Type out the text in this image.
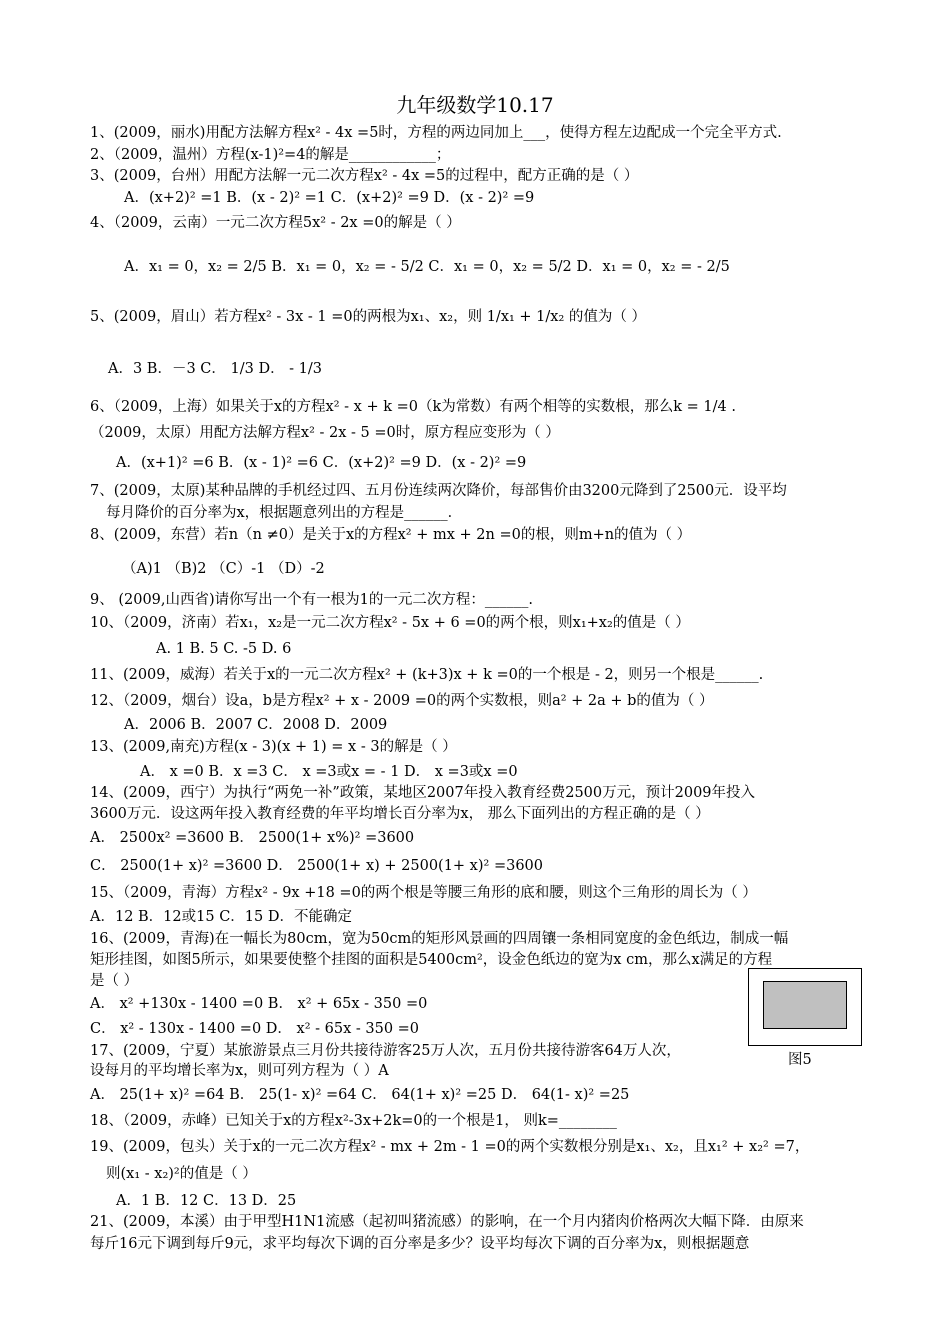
九年级数学10.17
1、(2009，丽水)用配方法解方程x² - 4x =5时，方程的两边同加上___，使得方程左边配成一个完全平方式.
2、（2009，温州）方程(x-1)²=4的解是____________；
3、(2009，台州）用配方法解一元二次方程x² - 4x =5的过程中，配方正确的是（ ）
A．(x+2)² =1 B．(x - 2)² =1 C．(x+2)² =9 D．(x - 2)² =9
4、（2009，云南）一元二次方程5x² - 2x =0的解是（ ）
A．x₁ = 0，x₂ = 2/5 B．x₁ = 0，x₂ = - 5/2 C．x₁ = 0，x₂ = 5/2 D．x₁ = 0，x₂ = - 2/5
5、(2009，眉山）若方程x² - 3x - 1 =0的两根为x₁、x₂，则 1/x₁ + 1/x₂ 的值为（ ）
A．3 B．－3 C． 1/3 D． - 1/3
6、（2009，上海）如果关于x的方程x² - x + k =0（k为常数）有两个相等的实数根，那么k = 1/4 .
（2009，太原）用配方法解方程x² - 2x - 5 =0时，原方程应变形为（ ）
A．(x+1)² =6 B．(x - 1)² =6 C．(x+2)² =9 D．(x - 2)² =9
7、(2009，太原)某种品牌的手机经过四、五月份连续两次降价，每部售价由3200元降到了2500元．设平均
每月降价的百分率为x，根据题意列出的方程是______．
8、(2009，东营）若n（n ≠0）是关于x的方程x² + mx + 2n =0的根，则m+n的值为（ ）
（A)1 （B)2 （C）-1 （D）-2
9、 (2009,山西省)请你写出一个有一根为1的一元二次方程：______.
10、（2009，济南）若x₁，x₂是一元二次方程x² - 5x + 6 =0的两个根，则x₁+x₂的值是（ ）
A. 1 B. 5 C. -5 D. 6
11、(2009，威海）若关于x的一元二次方程x² + (k+3)x + k =0的一个根是 - 2，则另一个根是______.
12、（2009，烟台）设a，b是方程x² + x - 2009 =0的两个实数根，则a² + 2a + b的值为（ ）
A．2006 B．2007 C．2008 D．2009
13、(2009,南充)方程(x - 3)(x + 1) = x - 3的解是（ ）
A． x =0 B．x =3 C． x =3或x = - 1 D． x =3或x =0
14、(2009，西宁）为执行“两免一补”政策，某地区2007年投入教育经费2500万元，预计2009年投入
3600万元．设这两年投入教育经费的年平均增长百分率为x， 那么下面列出的方程正确的是（ ）
A． 2500x² =3600 B． 2500(1+ x%)² =3600
C． 2500(1+ x)² =3600 D． 2500(1+ x) + 2500(1+ x)² =3600
15、（2009，青海）方程x² - 9x +18 =0的两个根是等腰三角形的底和腰，则这个三角形的周长为（ ）
A．12 B．12或15 C．15 D．不能确定
16、(2009，青海)在一幅长为80cm，宽为50cm的矩形风景画的四周镶一条相同宽度的金色纸边，制成一幅
矩形挂图，如图5所示，如果要使整个挂图的面积是5400cm²，设金色纸边的宽为x cm，那么x满足的方程
是（ ）
A． x² +130x - 1400 =0 B． x² + 65x - 350 =0
C． x² - 130x - 1400 =0 D． x² - 65x - 350 =0
17、(2009，宁夏）某旅游景点三月份共接待游客25万人次，五月份共接待游客64万人次，
设每月的平均增长率为x，则可列方程为（ ）A
A． 25(1+ x)² =64 B． 25(1- x)² =64 C． 64(1+ x)² =25 D． 64(1- x)² =25
18、（2009，赤峰）已知关于x的方程x²-3x+2k=0的一个根是1， 则k=________
19、(2009，包头）关于x的一元二次方程x² - mx + 2m - 1 =0的两个实数根分别是x₁、x₂，且x₁² + x₂² =7，
则(x₁ - x₂)²的值是（ ）
A．1 B．12 C．13 D．25
21、(2009，本溪）由于甲型H1N1流感（起初叫猪流感）的影响，在一个月内猪肉价格两次大幅下降．由原来
每斤16元下调到每斤9元，求平均每次下调的百分率是多少？设平均每次下调的百分率为x，则根据题意
图5
